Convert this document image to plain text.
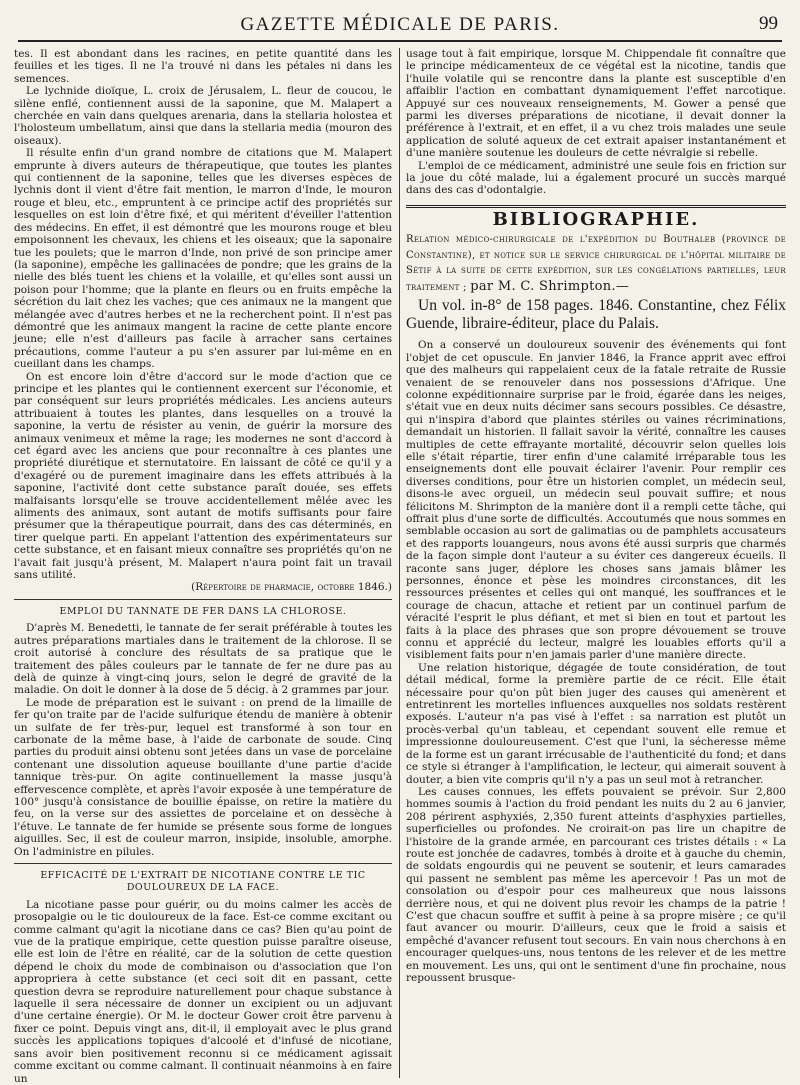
GAZETTE MÉDICALE DE PARIS.	99

tes. Il est abondant dans les racines, en petite quantité dans les feuilles et les tiges. Il ne l'a trouvé ni dans les pétales ni dans les semences.

Le lychnide dioïque, L. croix de Jérusalem, L. fleur de coucou, le silène enflé, contiennent aussi de la saponine, que M. Malapert a cherchée en vain dans quelques arenaria, dans la stellaria holostea et l'holosteum umbellatum, ainsi que dans la stellaria media (mouron des oiseaux).

Il résulte enfin d'un grand nombre de citations que M. Malapert emprunte à divers auteurs de thérapeutique, que toutes les plantes qui contiennent de la saponine, telles que les diverses espèces de lychnis dont il vient d'être fait mention, le marron d'Inde, le mouron rouge et bleu, etc., empruntent à ce principe actif des propriétés sur lesquelles on est loin d'être fixé, et qui méritent d'éveiller l'attention des médecins. En effet, il est démontré que les mourons rouge et bleu empoisonnent les chevaux, les chiens et les oiseaux; que la saponaire tue les poulets; que le marron d'Inde, non privé de son principe amer (la saponine), empêche les gallinacées de pondre; que les grains de la nielle des blés tuent les chiens et la volaille, et qu'elles sont aussi un poison pour l'homme; que la plante en fleurs ou en fruits empêche la sécrétion du lait chez les vaches; que ces animaux ne la mangent que mélangée avec d'autres herbes et ne la recherchent point. Il n'est pas démontré que les animaux mangent la racine de cette plante encore jeune; elle n'est d'ailleurs pas facile à arracher sans certaines précautions, comme l'auteur a pu s'en assurer par lui-même en en cueillant dans les champs.

On est encore loin d'être d'accord sur le mode d'action que ce principe et les plantes qui le contiennent exercent sur l'économie, et par conséquent sur leurs propriétés médicales. Les anciens auteurs attribuaient à toutes les plantes, dans lesquelles on a trouvé la saponine, la vertu de résister au venin, de guérir la morsure des animaux venimeux et même la rage; les modernes ne sont d'accord à cet égard avec les anciens que pour reconnaître à ces plantes une propriété diurétique et sternutatoire. En laissant de côté ce qu'il y a d'exagéré ou de purement imaginaire dans les effets attribués à la saponine, l'activité dont cette substance paraît douée, ses effets malfaisants lorsqu'elle se trouve accidentellement mêlée avec les aliments des animaux, sont autant de motifs suffisants pour faire présumer que la thérapeutique pourrait, dans des cas déterminés, en tirer quelque parti. En appelant l'attention des expérimentateurs sur cette substance, et en faisant mieux connaître ses propriétés qu'on ne l'avait fait jusqu'à présent, M. Malapert n'aura point fait un travail sans utilité.

(Répertoire de pharmacie, octobre 1846.)
EMPLOI DU TANNATE DE FER DANS LA CHLOROSE.

D'après M. Benedetti, le tannate de fer serait préférable à toutes les autres préparations martiales dans le traitement de la chlorose. Il se croit autorisé à conclure des résultats de sa pratique que le traitement des pâles couleurs par le tannate de fer ne dure pas au delà de quinze à vingt-cinq jours, selon le degré de gravité de la maladie. On doit le donner à la dose de 5 décig. à 2 grammes par jour.

Le mode de préparation est le suivant : on prend de la limaille de fer qu'on traite par de l'acide sulfurique étendu de manière à obtenir un sulfate de fer très-pur, lequel est transformé à son tour en carbonate de la même base, à l'aide de carbonate de soude. Cinq parties du produit ainsi obtenu sont jetées dans un vase de porcelaine contenant une dissolution aqueuse bouillante d'une partie d'acide tannique très-pur. On agite continuellement la masse jusqu'à effervescence complète, et après l'avoir exposée à une température de 100° jusqu'à consistance de bouillie épaisse, on retire la matière du feu, on la verse sur des assiettes de porcelaine et on dessèche à l'étuve. Le tannate de fer humide se présente sous forme de longues aiguilles. Sec, il est de couleur marron, insipide, insoluble, amorphe. On l'administre en pilules.

EFFICACITÉ DE L'EXTRAIT DE NICOTIANE CONTRE LE TIC DOULOUREUX DE LA FACE.

La nicotiane passe pour guérir, ou du moins calmer les accès de prosopalgie ou le tic douloureux de la face. Est-ce comme excitant ou comme calmant qu'agit la nicotiane dans ce cas? Bien qu'au point de vue de la pratique empirique, cette question puisse paraître oiseuse, elle est loin de l'être en réalité, car de la solution de cette question dépend le choix du mode de combinaison ou d'association que l'on appropriera à cette substance (et ceci soit dit en passant, cette question devra se reproduire naturellement pour chaque substance à laquelle il sera nécessaire de donner un excipient ou un adjuvant d'une certaine énergie). Or M. le docteur Gower croit être parvenu à fixer ce point. Depuis vingt ans, dit-il, il employait avec le plus grand succès les applications topiques d'alcoolé et d'infusé de nicotiane, sans avoir bien positivement reconnu si ce médicament agissait comme excitant ou comme calmant. Il continuait néanmoins à en faire un

usage tout à fait empirique, lorsque M. Chippendale fit connaître que le principe médicamenteux de ce végétal est la nicotine, tandis que l'huile volatile qui se rencontre dans la plante est susceptible d'en affaiblir l'action en combattant dynamiquement l'effet narcotique. Appuyé sur ces nouveaux renseignements, M. Gower a pensé que parmi les diverses préparations de nicotiane, il devait donner la préférence à l'extrait, et en effet, il a vu chez trois malades une seule application de soluté aqueux de cet extrait apaiser instantanément et d'une manière soutenue les douleurs de cette névralgie si rebelle.

L'emploi de ce médicament, administré une seule fois en friction sur la joue du côté malade, lui a également procuré un succès marqué dans des cas d'odontalgie.

BIBLIOGRAPHIE.
Relation médico-chirurgicale de l'expédition du Bouthaleb (province de Constantine), et notice sur le service chirurgical de l'hôpital militaire de Sétif à la suite de cette expédition, sur les congélations partielles, leur traitement ; par M. C. Shrimpton.—
Un vol. in-8° de 158 pages. 1846. Constantine, chez Félix Guende, libraire-éditeur, place du Palais.

On a conservé un douloureux souvenir des événements qui font l'objet de cet opuscule. En janvier 1846, la France apprit avec effroi que des malheurs qui rappelaient ceux de la fatale retraite de Russie venaient de se renouveler dans nos possessions d'Afrique. Une colonne expéditionnaire surprise par le froid, égarée dans les neiges, s'était vue en deux nuits décimer sans secours possibles. Ce désastre, qui n'inspira d'abord que plaintes stériles ou vaines récriminations, demandait un historien. Il fallait savoir la vérité, connaître les causes multiples de cette effrayante mortalité, découvrir selon quelles lois elle s'était répartie, tirer enfin d'une calamité irréparable tous les enseignements dont elle pouvait éclairer l'avenir. Pour remplir ces diverses conditions, pour être un historien complet, un médecin seul, disons-le avec orgueil, un médecin seul pouvait suffire; et nous félicitons M. Shrimpton de la manière dont il a rempli cette tâche, qui offrait plus d'une sorte de difficultés. Accoutumés que nous sommes en semblable occasion au sort de galimatias ou de pamphlets accusateurs et des rapports louangeurs, nous avons été aussi surpris que charmés de la façon simple dont l'auteur a su éviter ces dangereux écueils. Il raconte sans juger, déplore les choses sans jamais blâmer les personnes, énonce et pèse les moindres circonstances, dit les ressources présentes et celles qui ont manqué, les souffrances et le courage de chacun, attache et retient par un continuel parfum de véracité l'esprit le plus défiant, et met si bien en tout et partout les faits à la place des phrases que son propre dévouement se trouve connu et apprécié du lecteur, malgré les louables efforts qu'il a visiblement faits pour n'en jamais parler d'une manière directe.

Une relation historique, dégagée de toute considération, de tout détail médical, forme la première partie de ce récit. Elle était nécessaire pour qu'on pût bien juger des causes qui amenèrent et entretinrent les mortelles influences auxquelles nos soldats restèrent exposés. L'auteur n'a pas visé à l'effet : sa narration est plutôt un procès-verbal qu'un tableau, et cependant souvent elle remue et impressionne douloureusement. C'est que l'uni, la sécheresse même de la forme est un garant irrécusable de l'authenticité du fond; et dans ce style si étranger à l'amplification, le lecteur, qui aimerait souvent à douter, a bien vite compris qu'il n'y a pas un seul mot à retrancher.

Les causes connues, les effets pouvaient se prévoir. Sur 2,800 hommes soumis à l'action du froid pendant les nuits du 2 au 6 janvier, 208 périrent asphyxiés, 2,350 furent atteints d'asphyxies partielles, superficielles ou profondes. Ne croirait-on pas lire un chapitre de l'histoire de la grande armée, en parcourant ces tristes détails : « La route est jonchée de cadavres, tombés à droite et à gauche du chemin, de soldats engourdis qui ne peuvent se soutenir, et leurs camarades qui passent ne semblent pas même les apercevoir ! Pas un mot de consolation ou d'espoir pour ces malheureux que nous laissons derrière nous, et qui ne doivent plus revoir les champs de la patrie ! C'est que chacun souffre et suffit à peine à sa propre misère ; ce qu'il faut avancer ou mourir. D'ailleurs, ceux que le froid a saisis et empêché d'avancer refusent tout secours. En vain nous cherchons à en encourager quelques-uns, nous tentons de les relever et de les mettre en mouvement. Les uns, qui ont le sentiment d'une fin prochaine, nous repoussent brusque-
